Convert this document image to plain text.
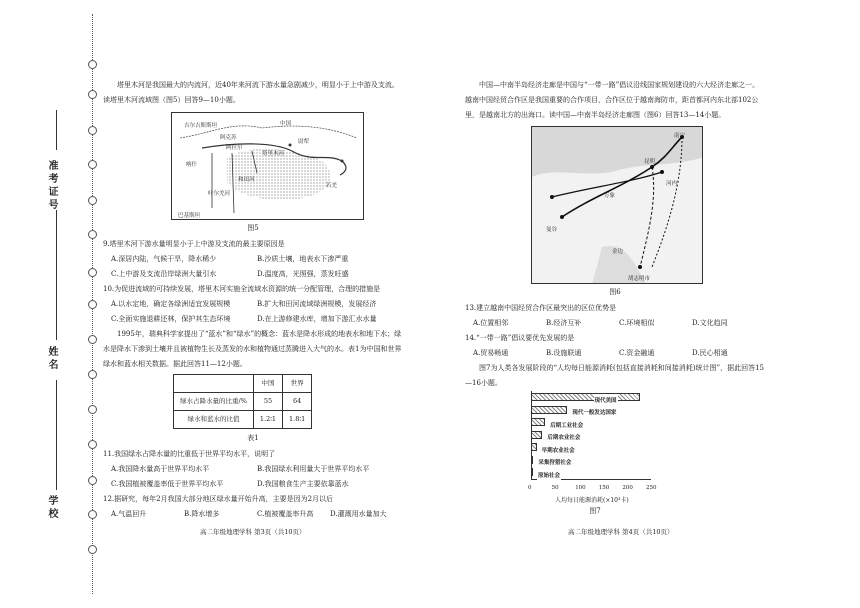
准考证号
姓名
学校

塔里木河是我国最大的内流河，近40年来河流下游水量急剧减少，明显小于上中游及支流。读塔里木河流域图（图5）回答9—10小题。

吉尔吉斯斯坦	中国
塔里木河
阿拉尔
喀什
和田河
阿克苏
尉犁
巴基斯坦
叶尔羌河
若羌

图5

9.塔里木河下游水量明显小于上中游及支流的最主要原因是

A.深居内陆，气候干旱，降水稀少	B.沙质土壤，地表水下渗严重
C.上中游及支流沿岸绿洲大量引水	D.温度高，光照强，蒸发旺盛

10.为促进流域的可持续发展，塔里木河实施全流域水资源的统一分配管理，合理的措施是

A.以水定地，确定各绿洲适宜发展规模	B.扩大和田河流域绿洲规模，发展经济
C.全面实施退耕还林，保护其生态环境	D.在上游修建水库，增加下游汇水水量

1995年，瑞典科学家提出了“蓝水”和“绿水”的概念：蓝水是降水形成的地表水和地下水；绿水是降水下渗到土壤并且被植物生长及蒸发的水和植物通过蒸腾进入大气的水。表1为中国和世界绿水和蓝水相关数据。据此回答11—12小题。

	中国	世界
绿水占降水量的比重/%	55	64
绿水和蓝水的比值	1.2∶1	1.8∶1

表1

11.我国绿水占降水量的比重低于世界平均水平，说明了

A.我国降水量高于世界平均水平	B.我国绿水利用量大于世界平均水平
C.我国植被覆盖率低于世界平均水平	D.我国粮食生产主要依靠蓝水

12.据研究，每年2月我国大部分地区绿水量开始升高，主要是因为2月以后

A.气温回升	B.降水增多	C.植被覆盖率升高	D.灌溉用水量加大
高二年级地理学科 第3页（共10页）

中国—中南半岛经济走廊是中国与“一带一路”倡议沿线国家规划建设的六大经济走廊之一。越南中国经贸合作区是我国重要的合作项目，合作区位于越南海防市，距首都河内东北部102公里，是越南北方的出海口。读中国—中南半岛经济走廊图（图6）回答13—14小题。

昆明
河内
万象
曼谷
金边
胡志明市
南宁

图6

13.建立越南中国经贸合作区最突出的区位优势是

A.位置相邻	B.经济互补	C.环境相似	D.文化趋同

14.“一带一路”倡议要优先发展的是

A.贸易畅通	B.设施联通	C.资金融通	D.民心相通

图7为人类各发展阶段的“人均每日能源消耗(包括直接消耗和间接消耗)统计图”，据此回答15—16小题。

现代美国
现代一般发达国家
后期工业社会
后期农业社会
早期农业社会
采集狩猎社会
原始社会
0	50	100 150 200 250

人均每日能源消耗(×10³卡)

图7

高二年级地理学科 第4页（共10页）
